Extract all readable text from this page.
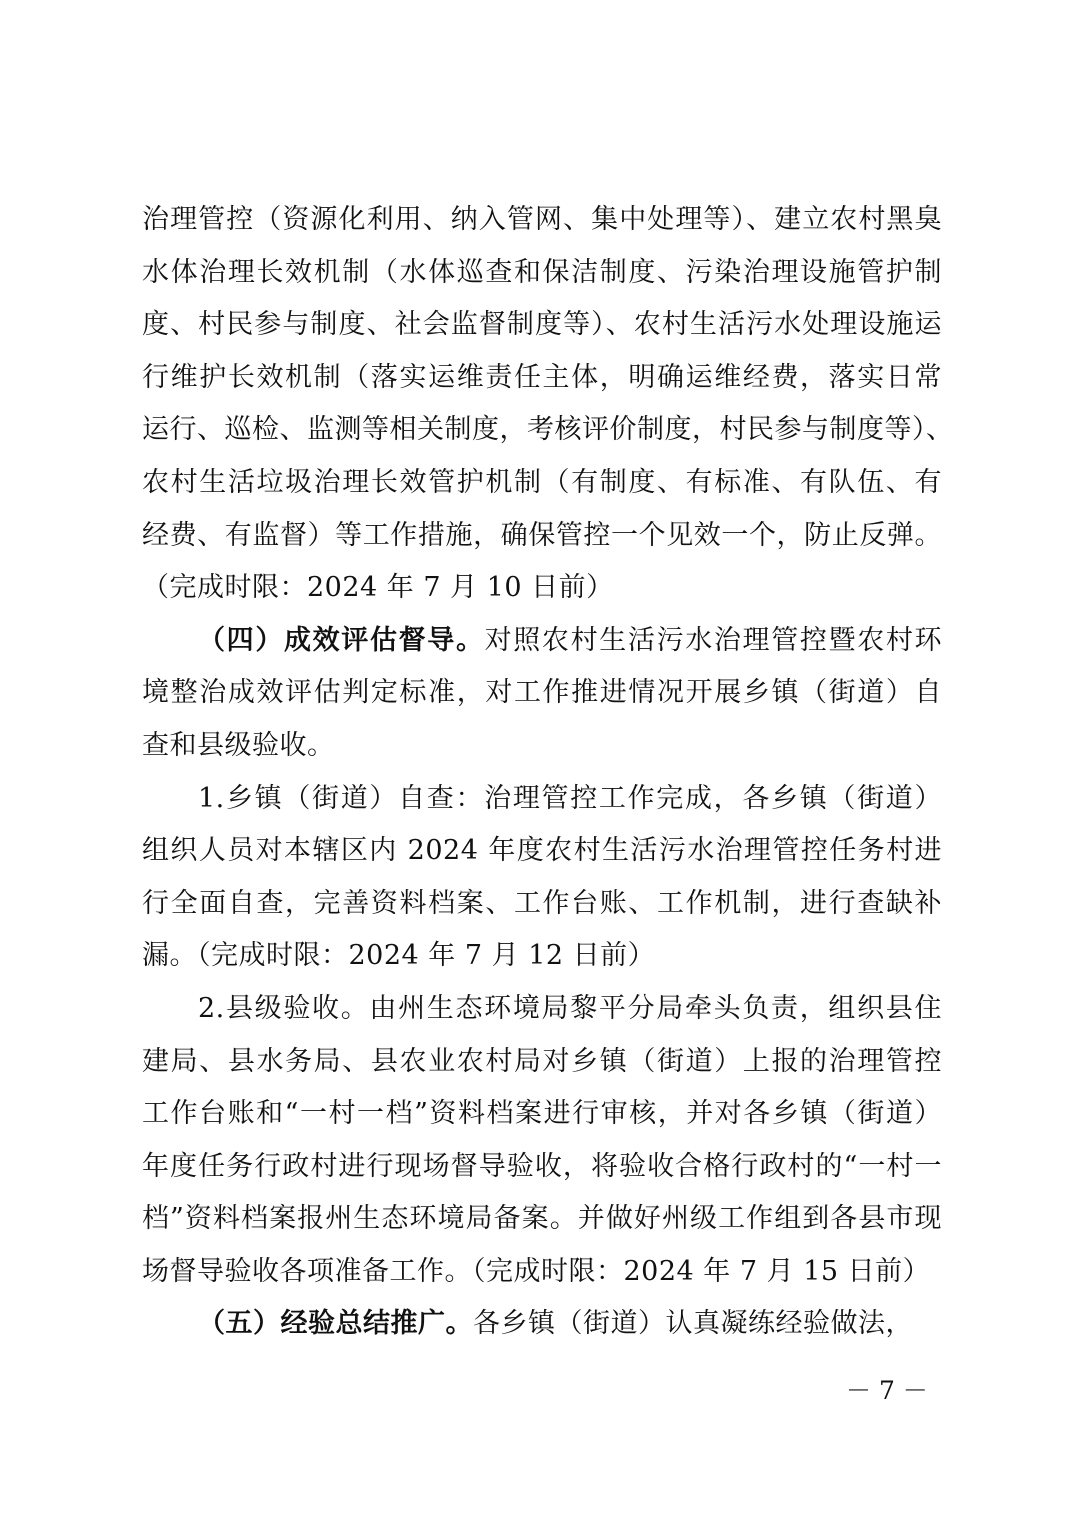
治理管控（资源化利用、纳入管网、集中处理等）、建立农村黑臭
水体治理长效机制（水体巡查和保洁制度、污染治理设施管护制
度、村民参与制度、社会监督制度等）、农村生活污水处理设施运
行维护长效机制（落实运维责任主体，明确运维经费，落实日常
运行、巡检、监测等相关制度，考核评价制度，村民参与制度等）、
农村生活垃圾治理长效管护机制（有制度、有标准、有队伍、有
经费、有监督）等工作措施，确保管控一个见效一个，防止反弹。
（完成时限：2024 年 7 月 10 日前）
（四）成效评估督导。对照农村生活污水治理管控暨农村环
境整治成效评估判定标准，对工作推进情况开展乡镇（街道）自
查和县级验收。
1.乡镇（街道）自查：治理管控工作完成，各乡镇（街道）
组织人员对本辖区内 2024 年度农村生活污水治理管控任务村进
行全面自查，完善资料档案、工作台账、工作机制，进行查缺补
漏。（完成时限：2024 年 7 月 12 日前）
2.县级验收。由州生态环境局黎平分局牵头负责，组织县住
建局、县水务局、县农业农村局对乡镇（街道）上报的治理管控
工作台账和“一村一档”资料档案进行审核，并对各乡镇（街道）
年度任务行政村进行现场督导验收，将验收合格行政村的“一村一
档”资料档案报州生态环境局备案。并做好州级工作组到各县市现
场督导验收各项准备工作。（完成时限：2024 年 7 月 15 日前）
（五）经验总结推广。各乡镇（街道）认真凝练经验做法，
－ 7 －
